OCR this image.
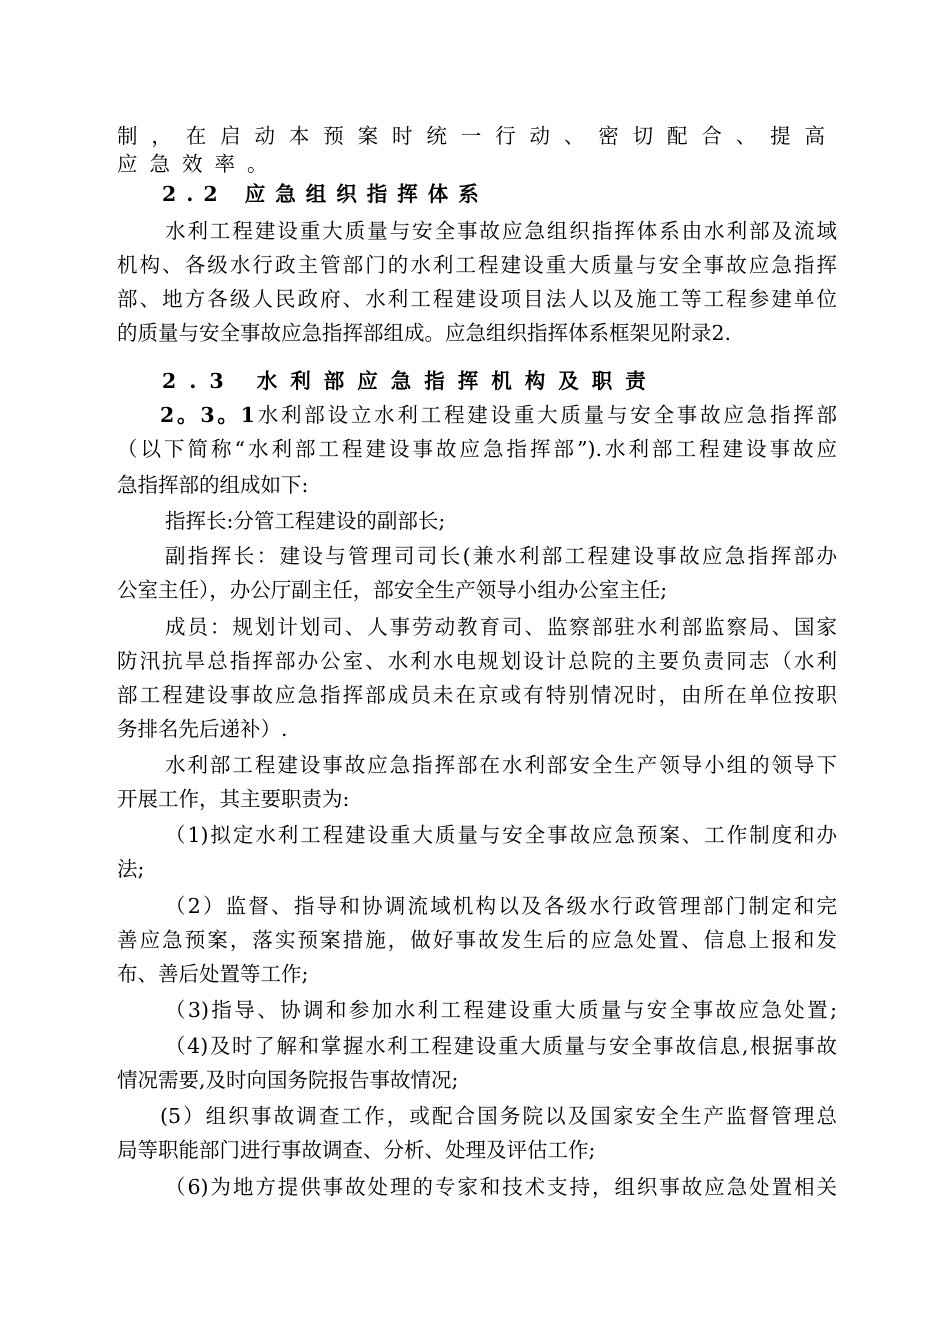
制，在启动本预案时统一行动、密切配合、提高
应急效率。
2.2 应急组织指挥体系
水利工程建设重大质量与安全事故应急组织指挥体系由水利部及流域
机构、各级水行政主管部门的水利工程建设重大质量与安全事故应急指挥
部、地方各级人民政府、水利工程建设项目法人以及施工等工程参建单位
的质量与安全事故应急指挥部组成。应急组织指挥体系框架见附录2.
2.3 水利部应急指挥机构及职责
2。3。1水利部设立水利工程建设重大质量与安全事故应急指挥部
（以下简称“水利部工程建设事故应急指挥部”).水利部工程建设事故应
急指挥部的组成如下:
指挥长:分管工程建设的副部长;
副指挥长：建设与管理司司长(兼水利部工程建设事故应急指挥部办
公室主任），办公厅副主任，部安全生产领导小组办公室主任;
成员：规划计划司、人事劳动教育司、监察部驻水利部监察局、国家
防汛抗旱总指挥部办公室、水利水电规划设计总院的主要负责同志（水利
部工程建设事故应急指挥部成员未在京或有特别情况时，由所在单位按职
务排名先后递补）.
水利部工程建设事故应急指挥部在水利部安全生产领导小组的领导下
开展工作，其主要职责为:
（1)拟定水利工程建设重大质量与安全事故应急预案、工作制度和办
法;
（2）监督、指导和协调流域机构以及各级水行政管理部门制定和完
善应急预案，落实预案措施，做好事故发生后的应急处置、信息上报和发
布、善后处置等工作;
（3)指导、协调和参加水利工程建设重大质量与安全事故应急处置;
（4)及时了解和掌握水利工程建设重大质量与安全事故信息,根据事故
情况需要,及时向国务院报告事故情况;
(5）组织事故调查工作，或配合国务院以及国家安全生产监督管理总
局等职能部门进行事故调查、分析、处理及评估工作;
（6)为地方提供事故处理的专家和技术支持，组织事故应急处置相关
